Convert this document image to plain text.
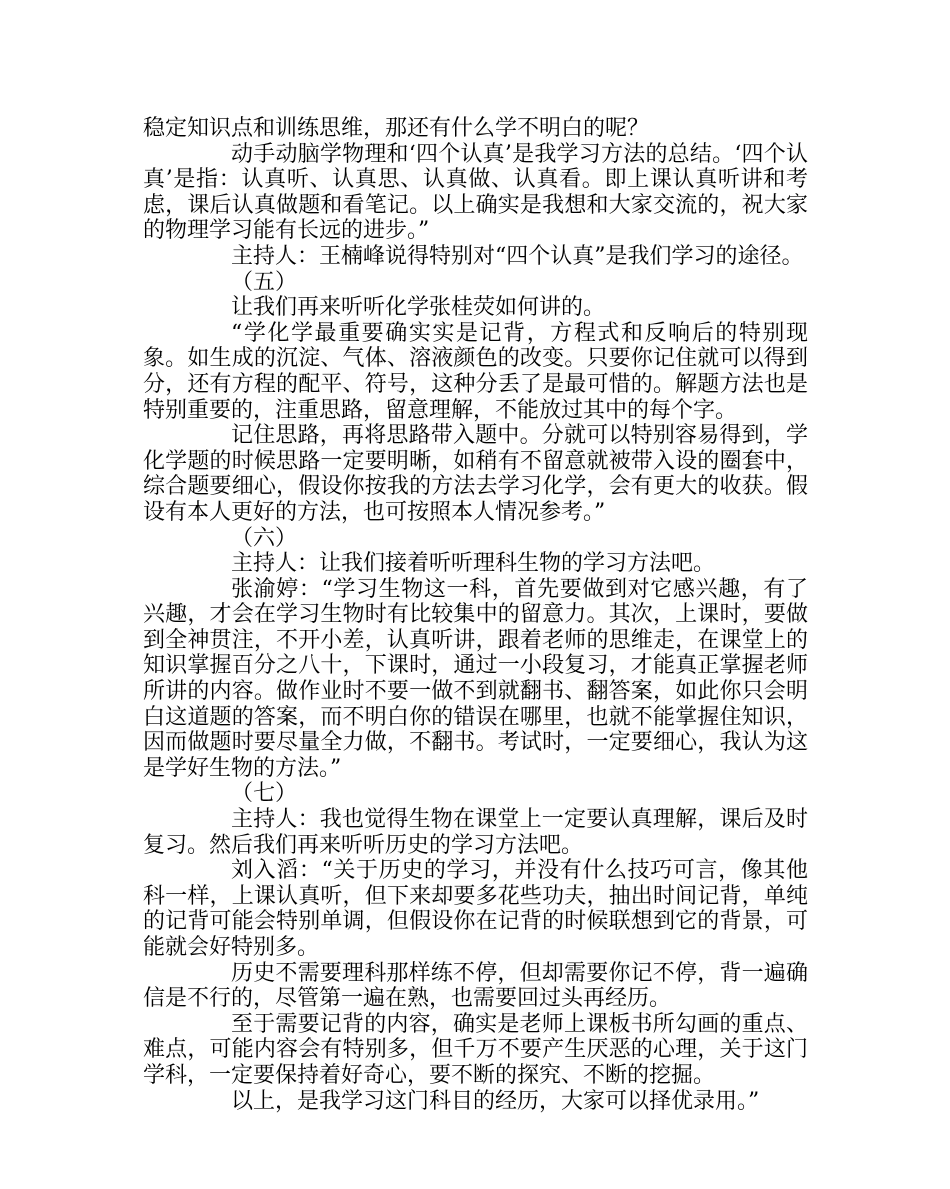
稳定知识点和训练思维，那还有什么学不明白的呢？

动手动脑学物理和‘四个认真’是我学习方法的总结。‘四个认真’是指：认真听、认真思、认真做、认真看。即上课认真听讲和考虑，课后认真做题和看笔记。以上确实是我想和大家交流的，祝大家的物理学习能有长远的进步。”

主持人：王楠峰说得特别对“四个认真”是我们学习的途径。

（五）

让我们再来听听化学张桂荧如何讲的。

“学化学最重要确实实是记背，方程式和反响后的特别现象。如生成的沉淀、气体、溶液颜色的改变。只要你记住就可以得到分，还有方程的配平、符号，这种分丢了是最可惜的。解题方法也是特别重要的，注重思路，留意理解，不能放过其中的每个字。

记住思路，再将思路带入题中。分就可以特别容易得到，学化学题的时候思路一定要明晰，如稍有不留意就被带入设的圈套中，综合题要细心，假设你按我的方法去学习化学，会有更大的收获。假设有本人更好的方法，也可按照本人情况参考。”

（六）

主持人：让我们接着听听理科生物的学习方法吧。

张渝婷：“学习生物这一科，首先要做到对它感兴趣，有了兴趣，才会在学习生物时有比较集中的留意力。其次，上课时，要做到全神贯注，不开小差，认真听讲，跟着老师的思维走，在课堂上的知识掌握百分之八十，下课时，通过一小段复习，才能真正掌握老师所讲的内容。做作业时不要一做不到就翻书、翻答案，如此你只会明白这道题的答案，而不明白你的错误在哪里，也就不能掌握住知识，因而做题时要尽量全力做，不翻书。考试时，一定要细心，我认为这是学好生物的方法。”

（七）

主持人：我也觉得生物在课堂上一定要认真理解，课后及时复习。然后我们再来听听历史的学习方法吧。

刘入滔：“关于历史的学习，并没有什么技巧可言，像其他科一样，上课认真听，但下来却要多花些功夫，抽出时间记背，单纯的记背可能会特别单调，但假设你在记背的时候联想到它的背景，可能就会好特别多。

历史不需要理科那样练不停，但却需要你记不停，背一遍确信是不行的，尽管第一遍在熟，也需要回过头再经历。

至于需要记背的内容，确实是老师上课板书所勾画的重点、难点，可能内容会有特别多，但千万不要产生厌恶的心理，关于这门学科，一定要保持着好奇心，要不断的探究、不断的挖掘。

以上，是我学习这门科目的经历，大家可以择优录用。”
